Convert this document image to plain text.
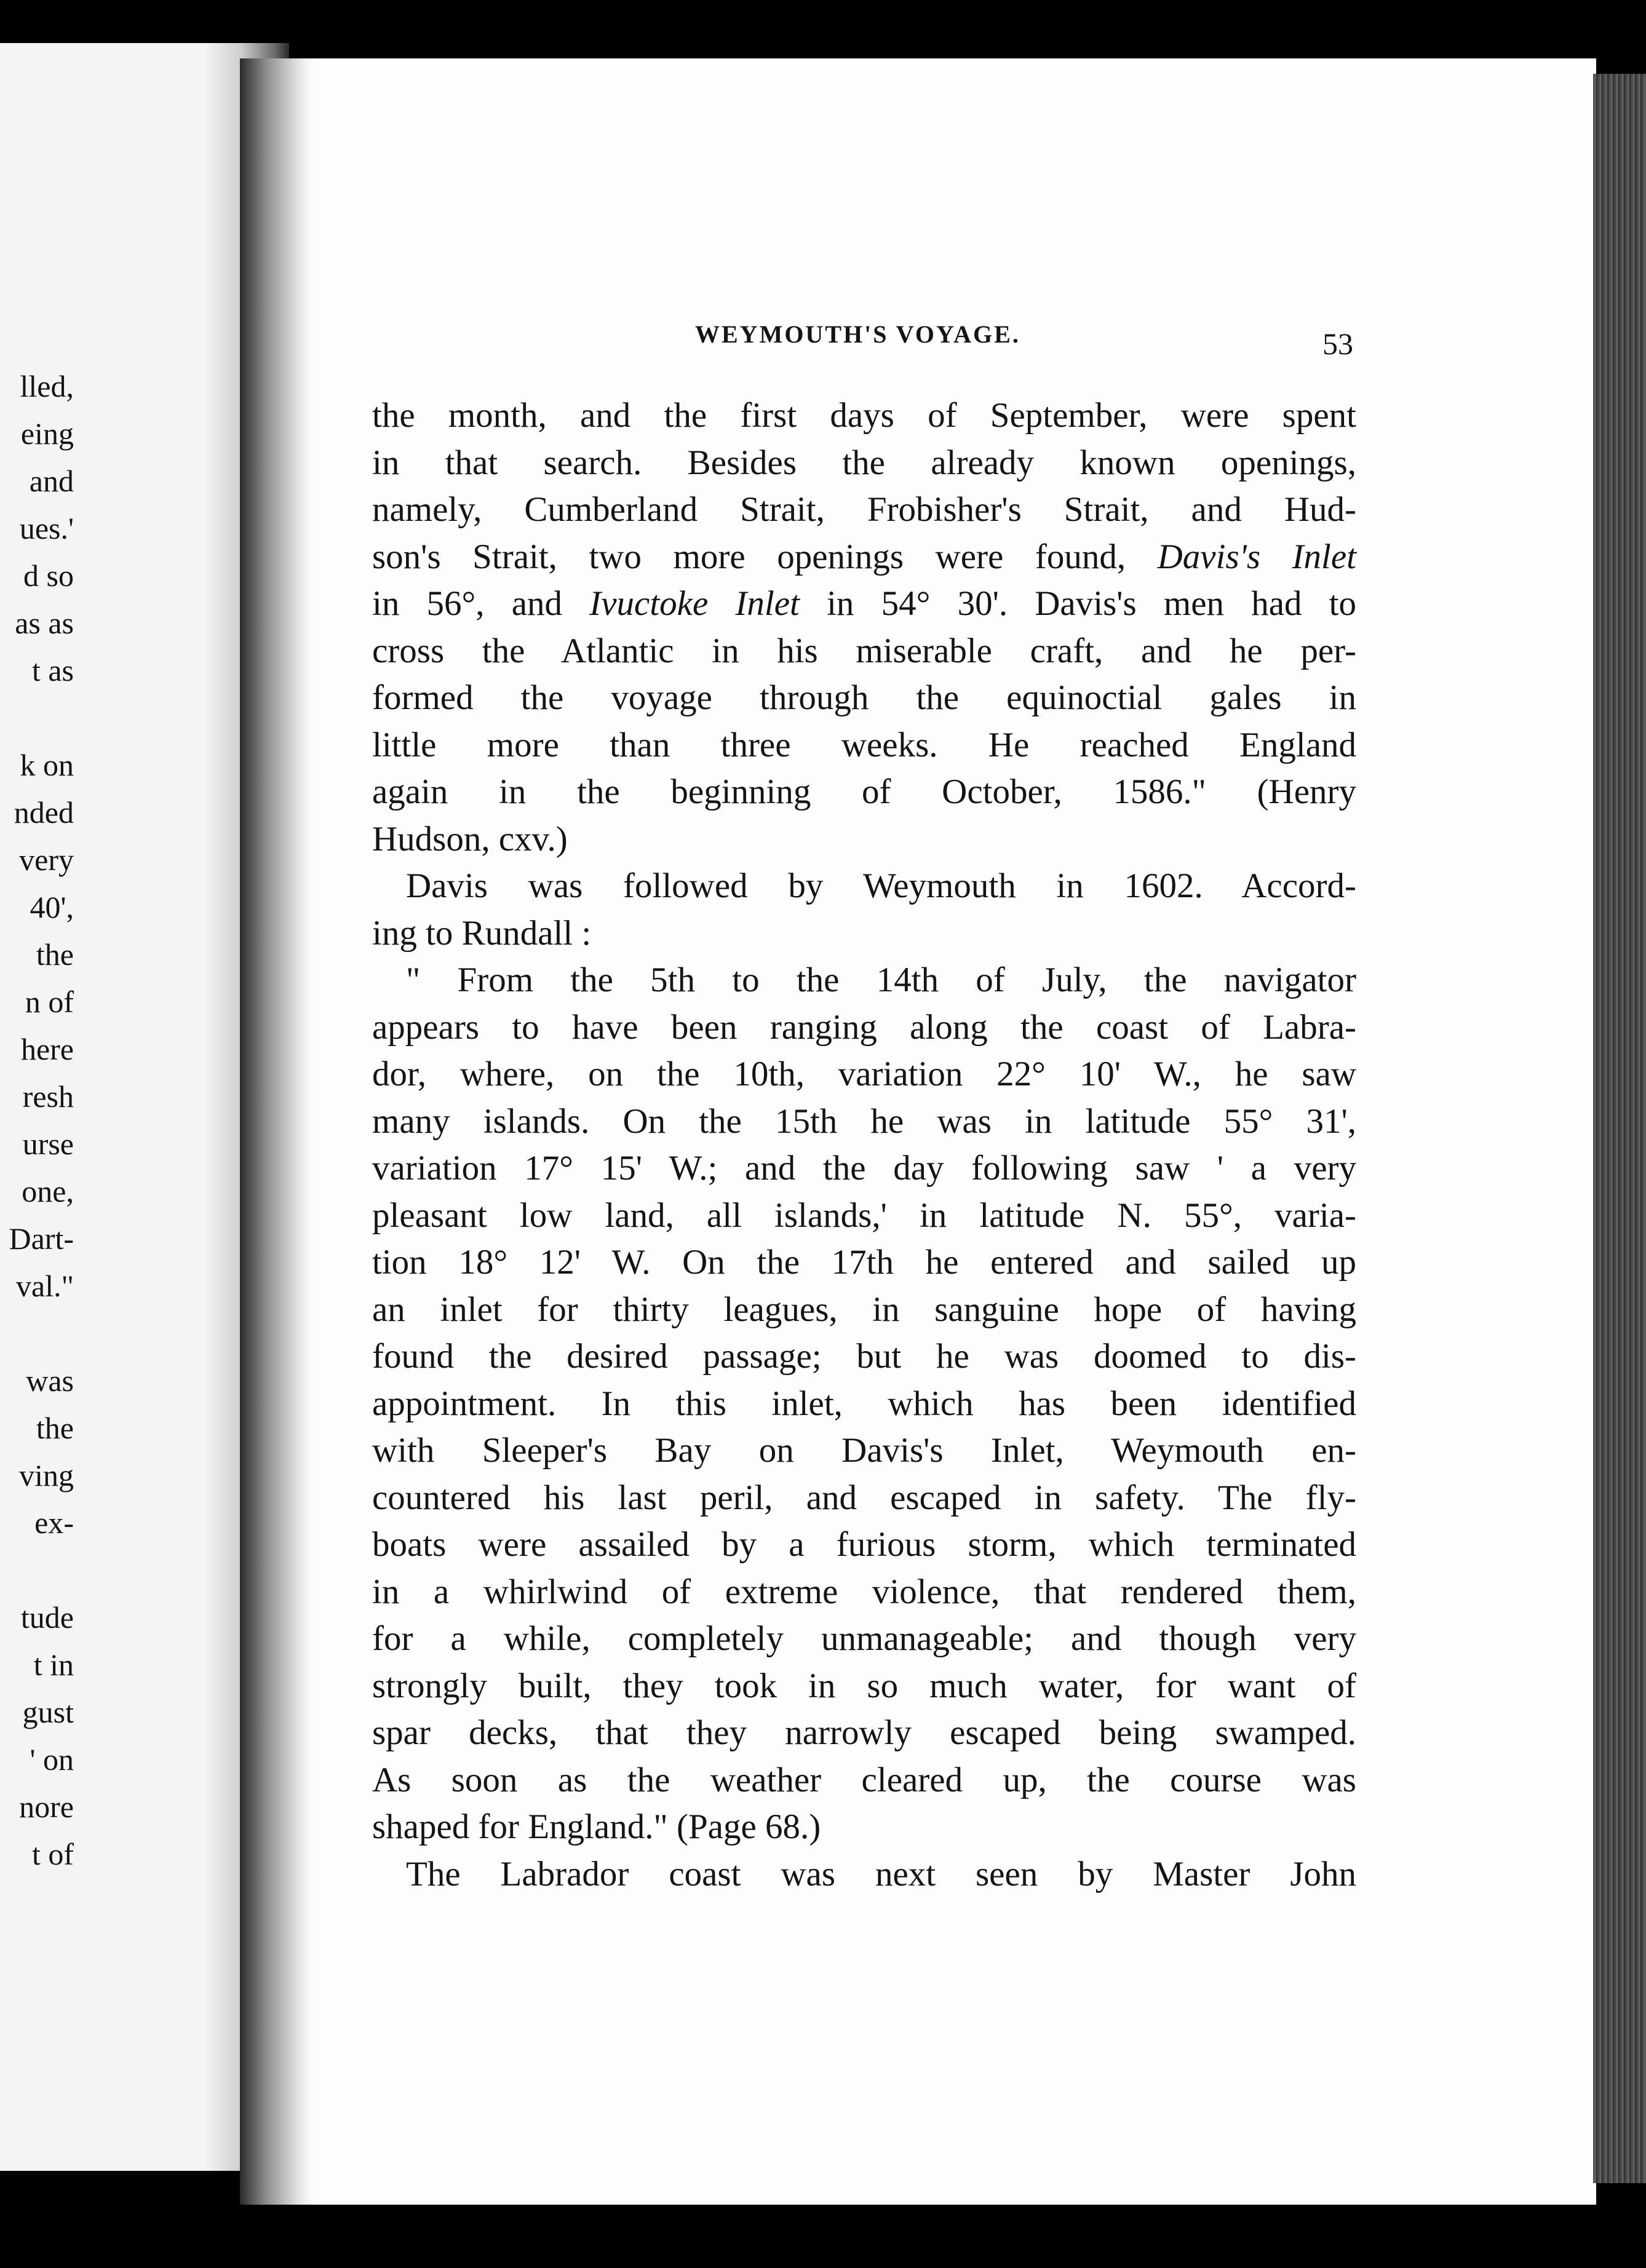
lled,
eing
and
ues.'
d so
as as
t as
k on
nded
very
40',
the
n of
here
resh
urse
one,
Dart-
val."
was
the
ving
ex-
tude
t in
gust
' on
nore
t of
WEYMOUTH'S VOYAGE.	53
the month, and the first days of September, were spent
in that search. Besides the already known openings,
namely, Cumberland Strait, Frobisher's Strait, and Hud-
son's Strait, two more openings were found, Davis's Inlet
in 56°, and Ivuctoke Inlet in 54° 30'. Davis's men had to
cross the Atlantic in his miserable craft, and he per-
formed the voyage through the equinoctial gales in
little more than three weeks. He reached England
again in the beginning of October, 1586." (Henry
Hudson, cxv.)
Davis was followed by Weymouth in 1602. Accord-
ing to Rundall :
" From the 5th to the 14th of July, the navigator
appears to have been ranging along the coast of Labra-
dor, where, on the 10th, variation 22° 10' W., he saw
many islands. On the 15th he was in latitude 55° 31',
variation 17° 15' W.; and the day following saw ' a very
pleasant low land, all islands,' in latitude N. 55°, varia-
tion 18° 12' W. On the 17th he entered and sailed up
an inlet for thirty leagues, in sanguine hope of having
found the desired passage; but he was doomed to dis-
appointment. In this inlet, which has been identified
with Sleeper's Bay on Davis's Inlet, Weymouth en-
countered his last peril, and escaped in safety. The fly-
boats were assailed by a furious storm, which terminated
in a whirlwind of extreme violence, that rendered them,
for a while, completely unmanageable; and though very
strongly built, they took in so much water, for want of
spar decks, that they narrowly escaped being swamped.
As soon as the weather cleared up, the course was
shaped for England." (Page 68.)
The Labrador coast was next seen by Master John
